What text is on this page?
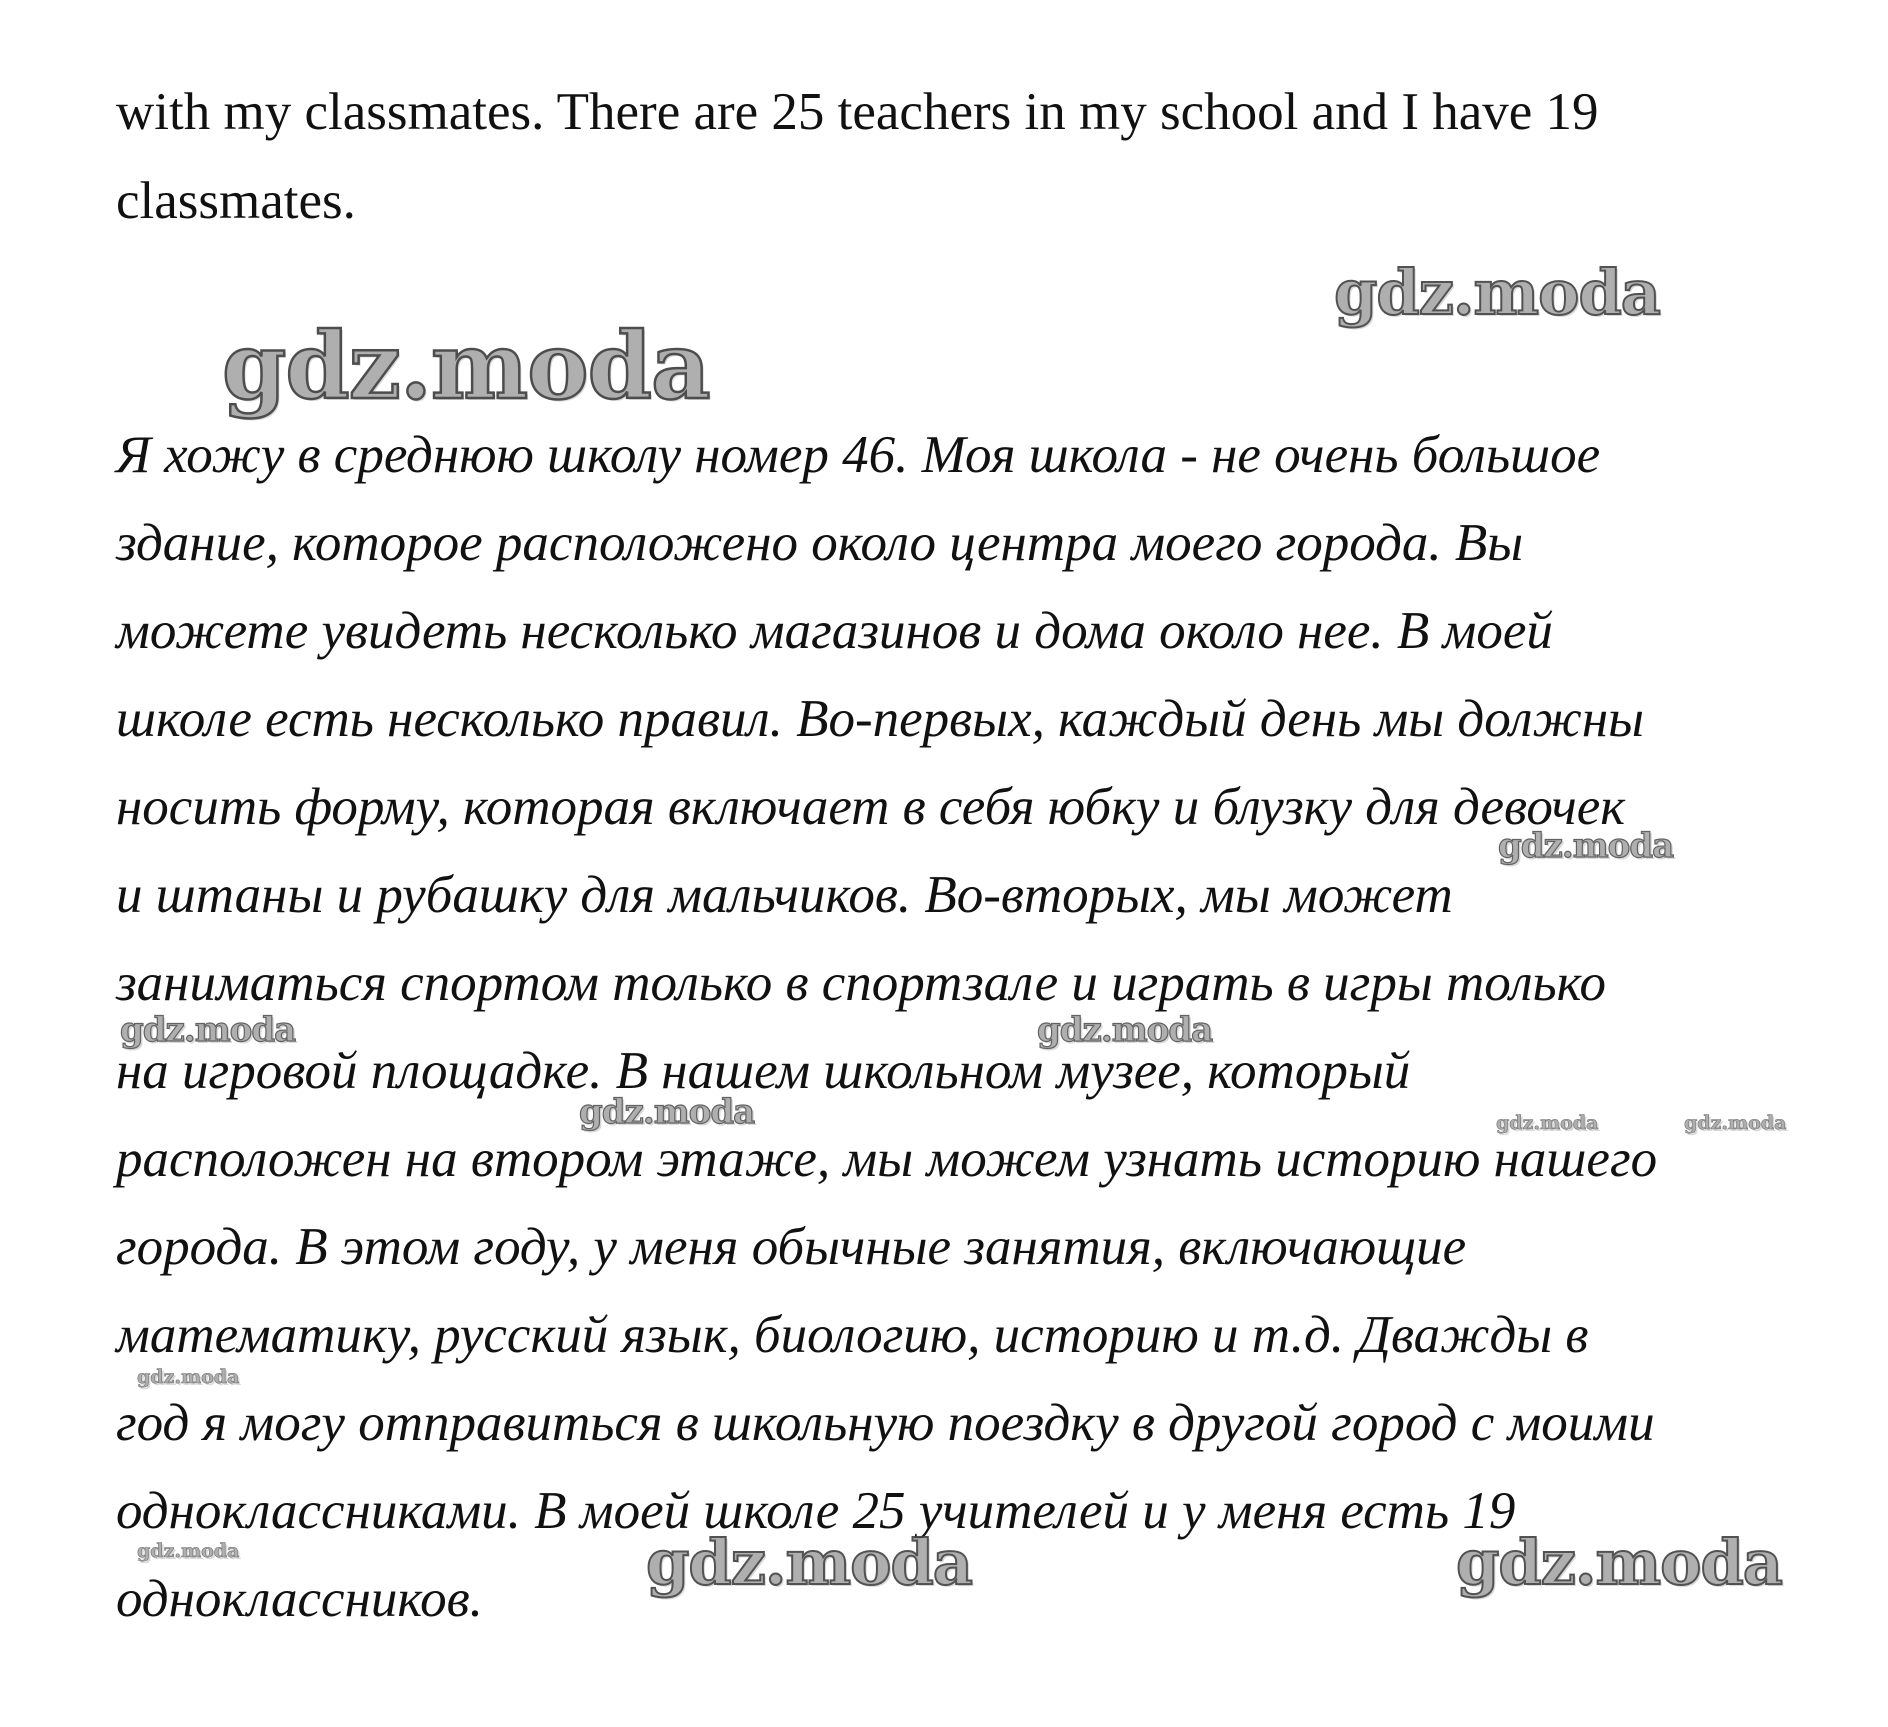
with my classmates. There are 25 teachers in my school and I have 19
classmates.
Я хожу в среднюю школу номер 46. Моя школа - не очень большое
здание, которое расположено около центра моего города. Вы
можете увидеть несколько магазинов и дома около нее. В моей
школе есть несколько правил. Во-первых, каждый день мы должны
носить форму, которая включает в себя юбку и блузку для девочек
и штаны и рубашку для мальчиков. Во-вторых, мы может
заниматься спортом только в спортзале и играть в игры только
на игровой площадке. В нашем школьном музее, который
расположен на втором этаже, мы можем узнать историю нашего
города. В этом году, у меня обычные занятия, включающие
математику, русский язык, биологию, историю и т.д. Дважды в
год я могу отправиться в школьную поездку в другой город с моими
одноклассниками. В моей школе 25 учителей и у меня есть 19
одноклассников.
gdz.moda
gdz.moda
gdz.moda
gdz.moda	gdz.moda
gdz.moda	gdz.moda	gdz.moda
gdz.moda
gdz.moda	gdz.moda	gdz.moda
